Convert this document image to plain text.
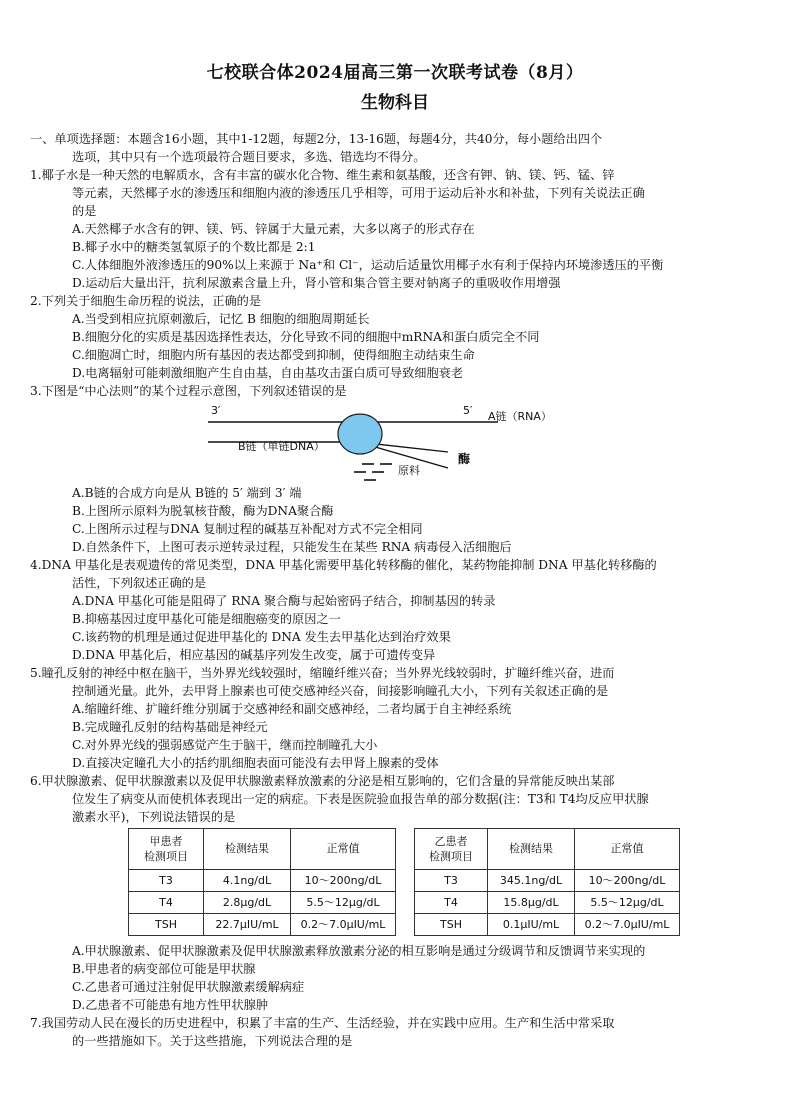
七校联合体2024届高三第一次联考试卷（8月）
生物科目

一、单项选择题：本题含16小题，其中1-12题，每题2分，13-16题，每题4分，共40分，每小题给出四个

选项，其中只有一个选项最符合题目要求，多选、错选均不得分。

1.椰子水是一种天然的电解质水，含有丰富的碳水化合物、维生素和氨基酸，还含有钾、钠、镁、钙、锰、锌

等元素，天然椰子水的渗透压和细胞内液的渗透压几乎相等，可用于运动后补水和补盐，下列有关说法正确

的是

A.天然椰子水含有的钾、镁、钙、锌属于大量元素，大多以离子的形式存在

B.椰子水中的糖类氢氧原子的个数比都是 2:1

C.人体细胞外液渗透压的90%以上来源于 Na⁺和 Cl⁻，运动后适量饮用椰子水有利于保持内环境渗透压的平衡

D.运动后大量出汗，抗利尿激素含量上升，肾小管和集合管主要对钠离子的重吸收作用增强

2.下列关于细胞生命历程的说法，正确的是

A.当受到相应抗原刺激后，记忆 B 细胞的细胞周期延长

B.细胞分化的实质是基因选择性表达，分化导致不同的细胞中mRNA和蛋白质完全不同

C.细胞凋亡时，细胞内所有基因的表达都受到抑制，使得细胞主动结束生命

D.电离辐射可能刺激细胞产生自由基，自由基攻击蛋白质可导致细胞衰老

3.下图是“中心法则”的某个过程示意图，下列叙述错误的是

3′	5′ A链（RNA）
B链（单链DNA）
原料
酶

A.B链的合成方向是从 B链的 5′ 端到 3′ 端

B.上图所示原料为脱氧核苷酸，酶为DNA聚合酶

C.上图所示过程与DNA 复制过程的碱基互补配对方式不完全相同

D.自然条件下，上图可表示逆转录过程，只能发生在某些 RNA 病毒侵入活细胞后

4.DNA 甲基化是表观遗传的常见类型，DNA 甲基化需要甲基化转移酶的催化，某药物能抑制 DNA 甲基化转移酶的

活性，下列叙述正确的是

A.DNA 甲基化可能是阻碍了 RNA 聚合酶与起始密码子结合，抑制基因的转录

B.抑癌基因过度甲基化可能是细胞癌变的原因之一

C.该药物的机理是通过促进甲基化的 DNA 发生去甲基化达到治疗效果

D.DNA 甲基化后，相应基因的碱基序列发生改变，属于可遗传变异

5.瞳孔反射的神经中枢在脑干，当外界光线较强时，缩瞳纤维兴奋；当外界光线较弱时，扩瞳纤维兴奋，进而

控制通光量。此外，去甲肾上腺素也可使交感神经兴奋，间接影响瞳孔大小，下列有关叙述正确的是

A.缩瞳纤维、扩瞳纤维分别属于交感神经和副交感神经，二者均属于自主神经系统

B.完成瞳孔反射的结构基础是神经元

C.对外界光线的强弱感觉产生于脑干，继而控制瞳孔大小

D.直接决定瞳孔大小的括约肌细胞表面可能没有去甲肾上腺素的受体

6.甲状腺激素、促甲状腺激素以及促甲状腺激素释放激素的分泌是相互影响的，它们含量的异常能反映出某部

位发生了病变从而使机体表现出一定的病症。下表是医院验血报告单的部分数据(注：T3和 T4均反应甲状腺

激素水平)，下列说法错误的是

甲患者
检测项目	检测结果	正常值
T3	4.1ng/dL	10～200ng/dL
T4	2.8μg/dL	5.5～12μg/dL
TSH	22.7μIU/mL	0.2～7.0μIU/mL
乙患者
检测项目	检测结果	正常值
T3	345.1ng/dL	10～200ng/dL
T4	15.8μg/dL	5.5～12μg/dL
TSH	0.1μIU/mL	0.2～7.0μIU/mL

A.甲状腺激素、促甲状腺激素及促甲状腺激素释放激素分泌的相互影响是通过分级调节和反馈调节来实现的

B.甲患者的病变部位可能是甲状腺

C.乙患者可通过注射促甲状腺激素缓解病症

D.乙患者不可能患有地方性甲状腺肿

7.我国劳动人民在漫长的历史进程中，积累了丰富的生产、生活经验，并在实践中应用。生产和生活中常采取

的一些措施如下。关于这些措施，下列说法合理的是
